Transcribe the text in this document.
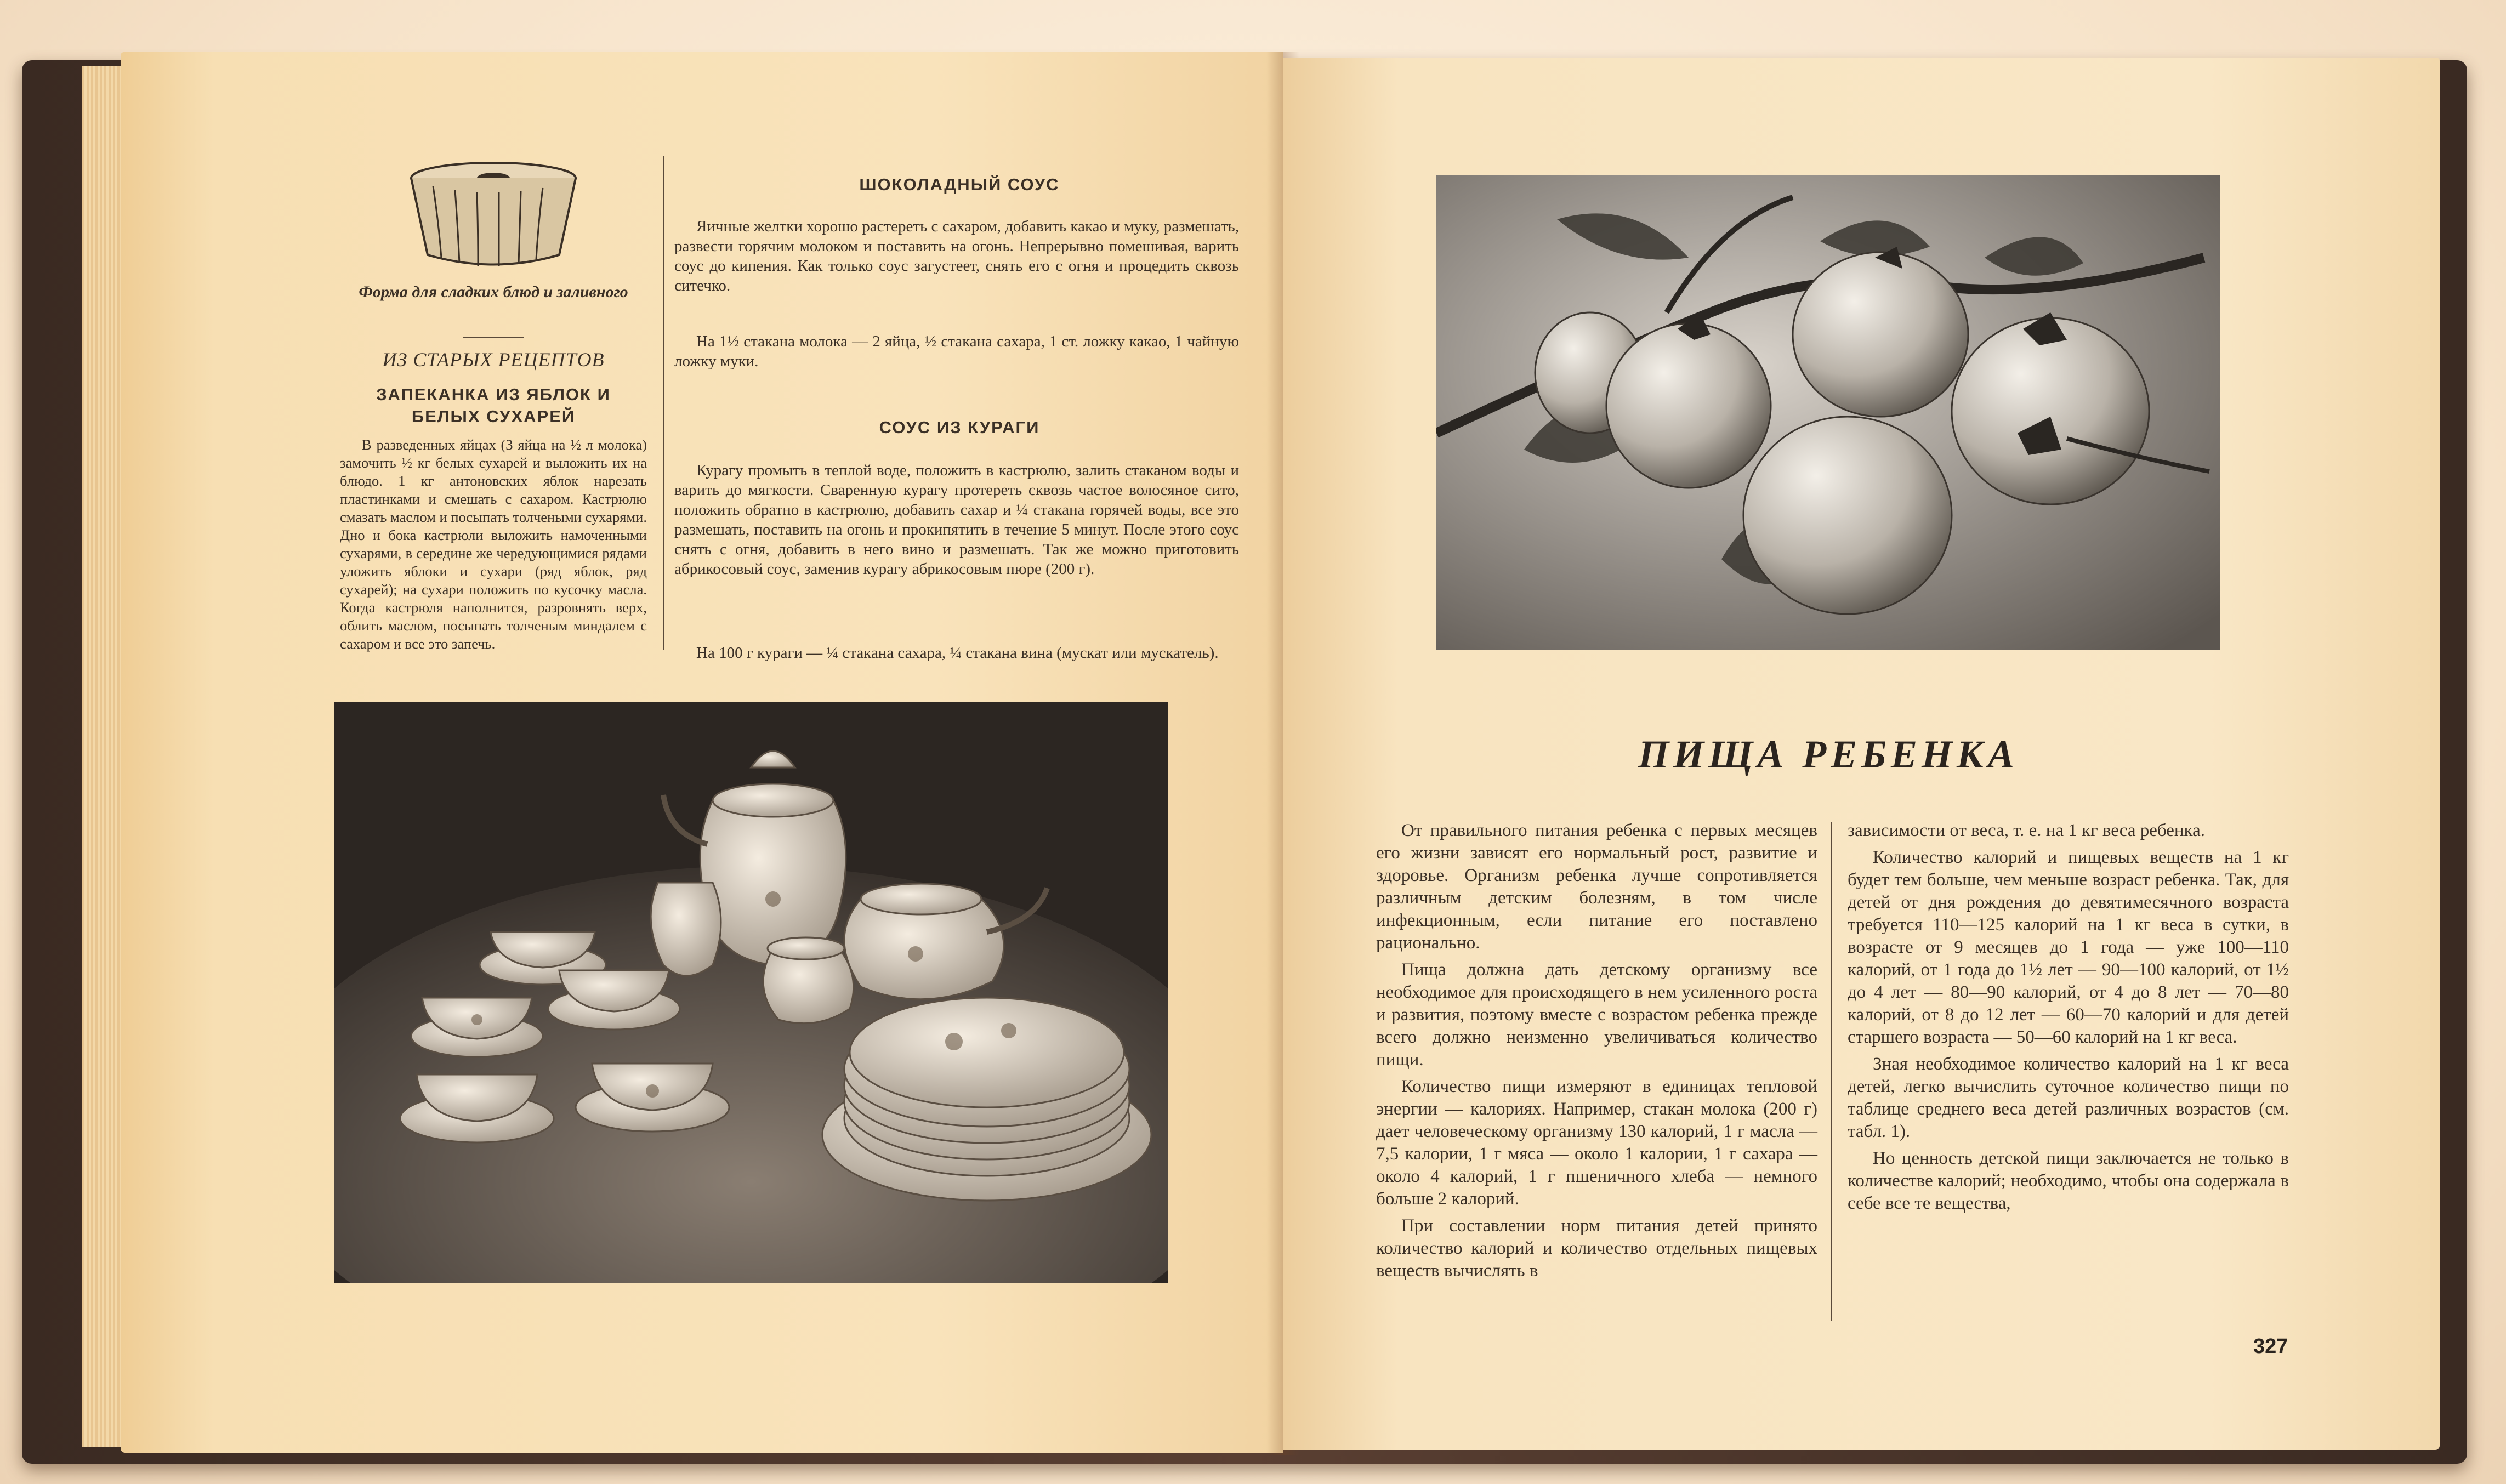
Форма для сладких блюд и заливного
ИЗ СТАРЫХ РЕЦЕПТОВ
ЗАПЕКАНКА ИЗ ЯБЛОК И БЕЛЫХ СУХАРЕЙ

В разведенных яйцах (3 яйца на ½ л молока) замочить ½ кг белых сухарей и выложить их на блюдо. 1 кг антоновских яблок нарезать пластинками и смешать с сахаром. Кастрюлю смазать маслом и посыпать толчеными сухарями. Дно и бока кастрюли выложить намоченными сухарями, в середине же чередующимися рядами уложить яблоки и сухари (ряд яблок, ряд сухарей); на сухари положить по кусочку масла. Когда кастрюля наполнится, разровнять верх, облить маслом, посыпать толченым миндалем с сахаром и все это запечь.

ШОКОЛАДНЫЙ СОУС

Яичные желтки хорошо растереть с сахаром, добавить какао и муку, размешать, развести горячим молоком и поставить на огонь. Непрерывно помешивая, варить соус до кипения. Как только соус загустеет, снять его с огня и процедить сквозь ситечко.

На 1½ стакана молока — 2 яйца, ½ стакана сахара, 1 ст. ложку какао, 1 чайную ложку муки.

СОУС ИЗ КУРАГИ

Курагу промыть в теплой воде, положить в кастрюлю, залить стаканом воды и варить до мягкости. Сваренную курагу протереть сквозь частое волосяное сито, положить обратно в кастрюлю, добавить сахар и ¼ стакана горячей воды, все это размешать, поставить на огонь и прокипятить в течение 5 минут. После этого соус снять с огня, добавить в него вино и размешать. Так же можно приготовить абрикосовый соус, заменив курагу абрикосовым пюре (200 г).

На 100 г кураги — ¼ стакана сахара, ¼ стакана вина (мускат или мускатель).

ПИЩА РЕБЕНКА

От правильного питания ребенка с первых месяцев его жизни зависят его нормальный рост, развитие и здоровье. Организм ребенка лучше сопротивляется различным детским болезням, в том числе инфекционным, если питание его поставлено рационально.

Пища должна дать детскому организму все необходимое для происходящего в нем усиленного роста и развития, поэтому вместе с возрастом ребенка прежде всего должно неизменно увеличиваться количество пищи.

Количество пищи измеряют в единицах тепловой энергии — калориях. Например, стакан молока (200 г) дает человеческому организму 130 калорий, 1 г масла — 7,5 калории, 1 г мяса — около 1 калории, 1 г сахара — около 4 калорий, 1 г пшеничного хлеба — немного больше 2 калорий.

При составлении норм питания детей принято количество калорий и количество отдельных пищевых веществ вычислять в

зависимости от веса, т. е. на 1 кг веса ребенка.

Количество калорий и пищевых веществ на 1 кг будет тем больше, чем меньше возраст ребенка. Так, для детей от дня рождения до девятимесячного возраста требуется 110—125 калорий на 1 кг веса в сутки, в возрасте от 9 месяцев до 1 года — уже 100—110 калорий, от 1 года до 1½ лет — 90—100 калорий, от 1½ до 4 лет — 80—90 калорий, от 4 до 8 лет — 70—80 калорий, от 8 до 12 лет — 60—70 калорий и для детей старшего возраста — 50—60 калорий на 1 кг веса.

Зная необходимое количество калорий на 1 кг веса детей, легко вычислить суточное количество пищи по таблице среднего веса детей различных возрастов (см. табл. 1).

Но ценность детской пищи заключается не только в количестве калорий; необходимо, чтобы она содержала в себе все те вещества,

327
